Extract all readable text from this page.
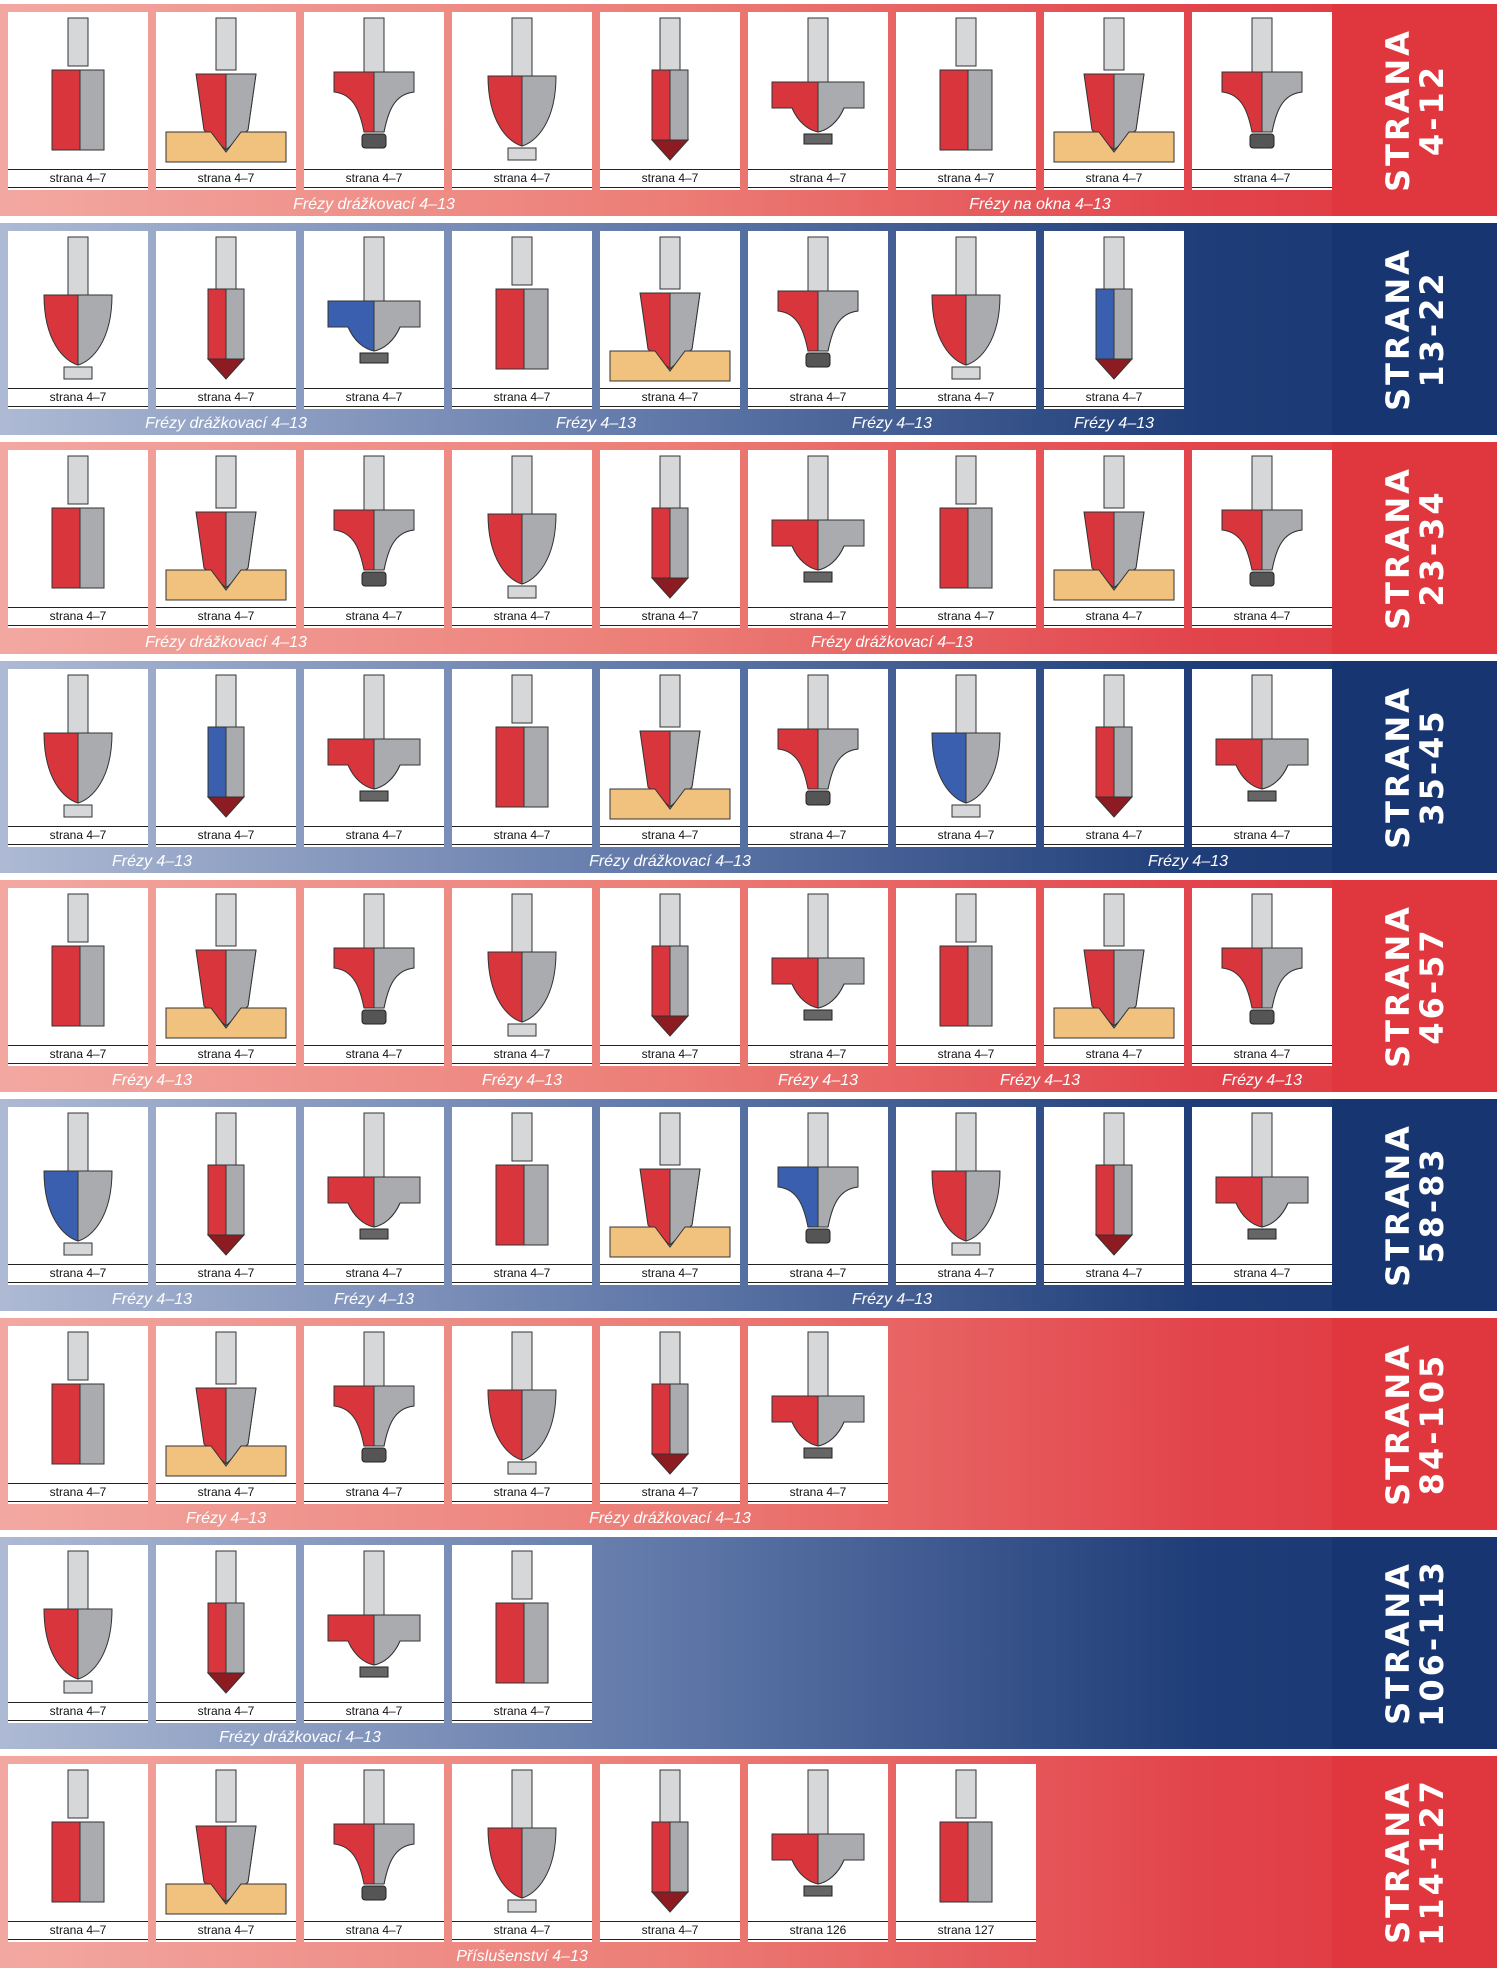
strana 4–7	strana 4–7	strana 4–7	strana 4–7	strana 4–7	strana 4–7	strana 4–7	strana 4–7	strana 4–7
Frézy drážkovací 4–13	Frézy na okna 4–13
STRANA
4-12
strana 4–7	strana 4–7	strana 4–7	strana 4–7	strana 4–7	strana 4–7	strana 4–7	strana 4–7
Frézy drážkovací 4–13	Frézy 4–13	Frézy 4–13	Frézy 4–13
STRANA
13-22
strana 4–7	strana 4–7	strana 4–7	strana 4–7	strana 4–7	strana 4–7	strana 4–7	strana 4–7	strana 4–7
Frézy drážkovací 4–13	Frézy drážkovací 4–13
STRANA
23-34
strana 4–7	strana 4–7	strana 4–7	strana 4–7	strana 4–7	strana 4–7	strana 4–7	strana 4–7	strana 4–7
Frézy 4–13	Frézy drážkovací 4–13	Frézy 4–13
STRANA
35-45
strana 4–7	strana 4–7	strana 4–7	strana 4–7	strana 4–7	strana 4–7	strana 4–7	strana 4–7	strana 4–7
Frézy 4–13	Frézy 4–13	Frézy 4–13	Frézy 4–13	Frézy 4–13
STRANA
46-57
strana 4–7	strana 4–7	strana 4–7	strana 4–7	strana 4–7	strana 4–7	strana 4–7	strana 4–7	strana 4–7
Frézy 4–13	Frézy 4–13	Frézy 4–13
STRANA
58-83
strana 4–7	strana 4–7	strana 4–7	strana 4–7	strana 4–7	strana 4–7
Frézy 4–13	Frézy drážkovací 4–13
STRANA
84-105
strana 4–7	strana 4–7	strana 4–7	strana 4–7
Frézy drážkovací 4–13
STRANA
106-113
strana 4–7	strana 4–7	strana 4–7	strana 4–7	strana 4–7	strana 126	strana 127
Příslušenství 4–13
STRANA
114-127
